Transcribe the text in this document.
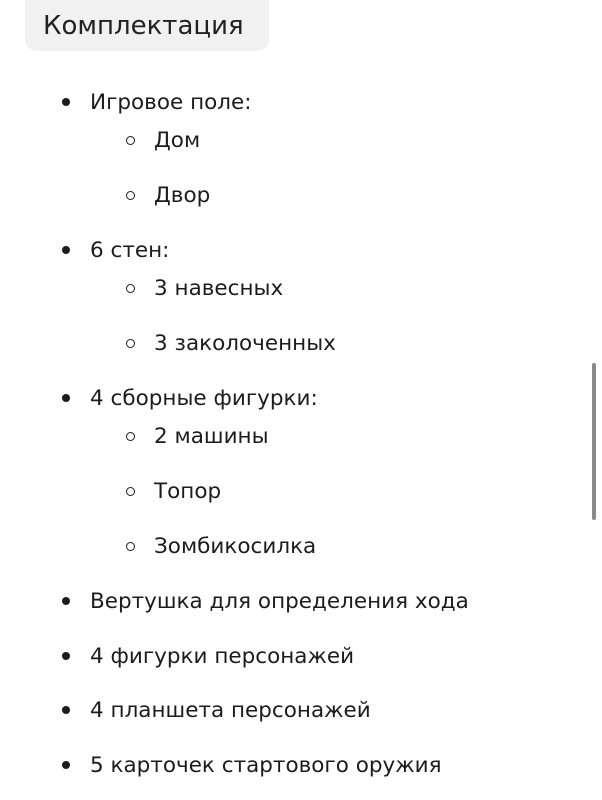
Комплектация
Игровое поле:
Дом
Двор
6 стен:
3 навесных
3 заколоченных
4 сборные фигурки:
2 машины
Топор
Зомбикосилка
Вертушка для определения хода
4 фигурки персонажей
4 планшета персонажей
5 карточек стартового оружия
